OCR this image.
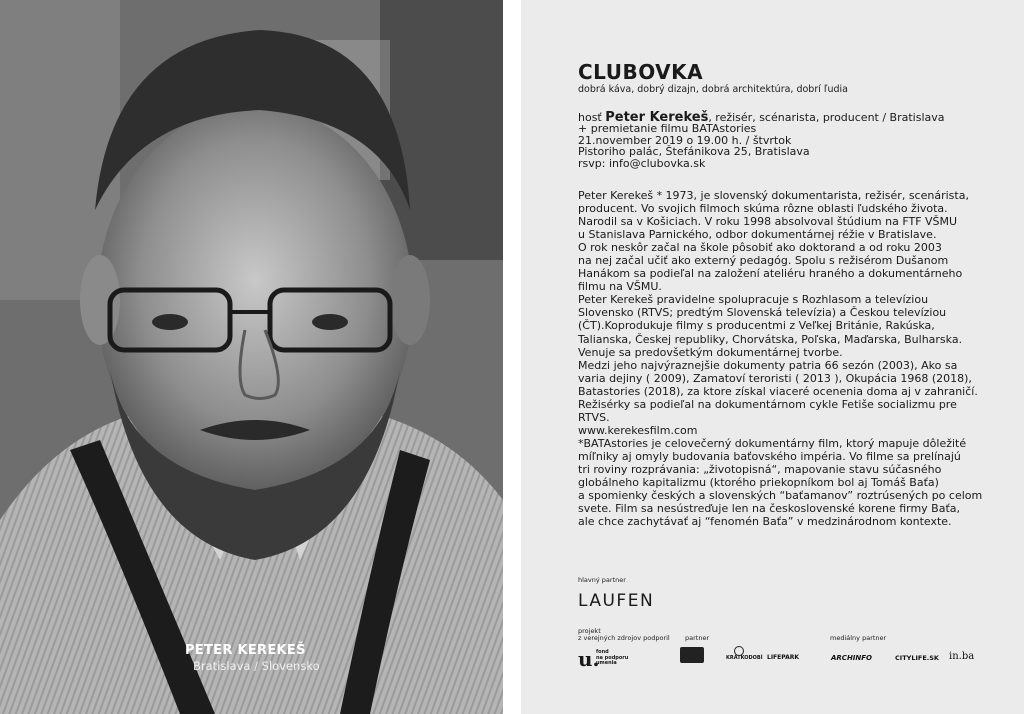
PETER KEREKEŠ
Bratislava / Slovensko
CLUBOVKA
dobrá káva, dobrý dizajn, dobrá architektúra, dobrí ľudia
hosť Peter Kerekeš, režisér, scénarista, producent / Bratislava
+ premietanie filmu BATAstories
21.november 2019 o 19.00 h. / štvrtok
Pistoriho palác, Štefánikova 25, Bratislava
rsvp: info@clubovka.sk
Peter Kerekeš * 1973, je slovenský dokumentarista, režisér, scenárista,
producent. Vo svojich filmoch skúma rôzne oblasti ľudského života.
Narodil sa v Košiciach. V roku 1998 absolvoval štúdium na FTF VŠMU
u Stanislava Parnického, odbor dokumentárnej réžie v Bratislave.
O rok neskôr začal na škole pôsobiť ako doktorand a od roku 2003
na nej začal učiť ako externý pedagóg. Spolu s režisérom Dušanom
Hanákom sa podieľal na založení ateliéru hraného a dokumentárneho
filmu na VŠMU.
Peter Kerekeš pravidelne spolupracuje s Rozhlasom a televíziou
Slovensko (RTVS; predtým Slovenská televízia) a Českou televíziou
(ČT).Koprodukuje filmy s producentmi z Veľkej Británie, Rakúska,
Talianska, Českej republiky, Chorvátska, Poľska, Maďarska, Bulharska.
Venuje sa predovšetkým dokumentárnej tvorbe.
Medzi jeho najvýraznejšie dokumenty patria 66 sezón (2003), Ako sa
varia dejiny ( 2009), Zamatoví teroristi ( 2013 ), Okupácia 1968 (2018),
Batastories (2018), za ktore získal viaceré ocenenia doma aj v zahraničí.
Režisérky sa podieľal na dokumentárnom cykle Fetiše socializmu pre
RTVS.
www.kerekesfilm.com
*BATAstories je celovečerný dokumentárny film, ktorý mapuje dôležité
míľniky aj omyly budovania baťovského impéria. Vo filme sa prelínajú
tri roviny rozprávania: „životopisná“, mapovanie stavu súčasného
globálneho kapitalizmu (ktorého priekopníkom bol aj Tomáš Baťa)
a spomienky českých a slovenských “baťamanov” roztrúsených po celom
svete. Film sa nesústreďuje len na československé korene firmy Baťa,
ale chce zachytávať aj “fenomén Baťa” v medzinárodnom kontexte.
hlavný partner
LAUFEN
projekt
z verejných zdrojov podporil
u.
fond
na podporu
umenia
partner
KRÁTKODOBÍ LIFEPARK
mediálny partner
ARCHINFO	CITYLIFE.SK in.ba
